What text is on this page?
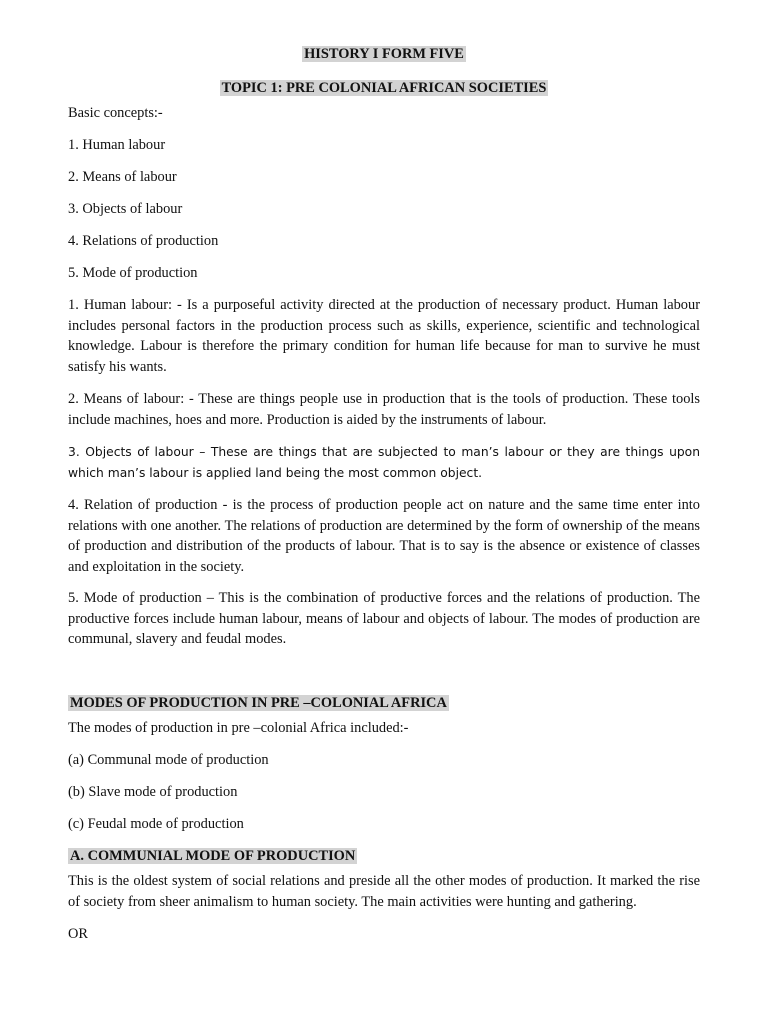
HISTORY I FORM FIVE
TOPIC 1: PRE COLONIAL AFRICAN SOCIETIES
Basic concepts:-
1. Human labour
2. Means of labour
3. Objects of labour
4. Relations of production
5. Mode of production
1. Human labour: - Is a purposeful activity directed at the production of necessary product. Human labour includes personal factors in the production process such as skills, experience, scientific and technological knowledge. Labour is therefore the primary condition for human life because for man to survive he must satisfy his wants.
2. Means of labour: - These are things people use in production that is the tools of production. These tools include machines, hoes and more. Production is aided by the instruments of labour.
3. Objects of labour – These are things that are subjected to man’s labour or they are things upon which man’s labour is applied land being the most common object.
4. Relation of production - is the process of production people act on nature and the same time enter into relations with one another. The relations of production are determined by the form of ownership of the means of production and distribution of the products of labour. That is to say is the absence or existence of classes and exploitation in the society.
5. Mode of production – This is the combination of productive forces and the relations of production. The productive forces include human labour, means of labour and objects of labour. The modes of production are communal, slavery and feudal modes.
MODES OF PRODUCTION IN PRE –COLONIAL AFRICA
The modes of production in pre –colonial Africa included:-
(a) Communal mode of production
(b) Slave mode of production
(c) Feudal mode of production
A. COMMUNIAL MODE OF PRODUCTION
This is the oldest system of social relations and preside all the other modes of production. It marked the rise of society from sheer animalism to human society. The main activities were hunting and gathering.
OR
